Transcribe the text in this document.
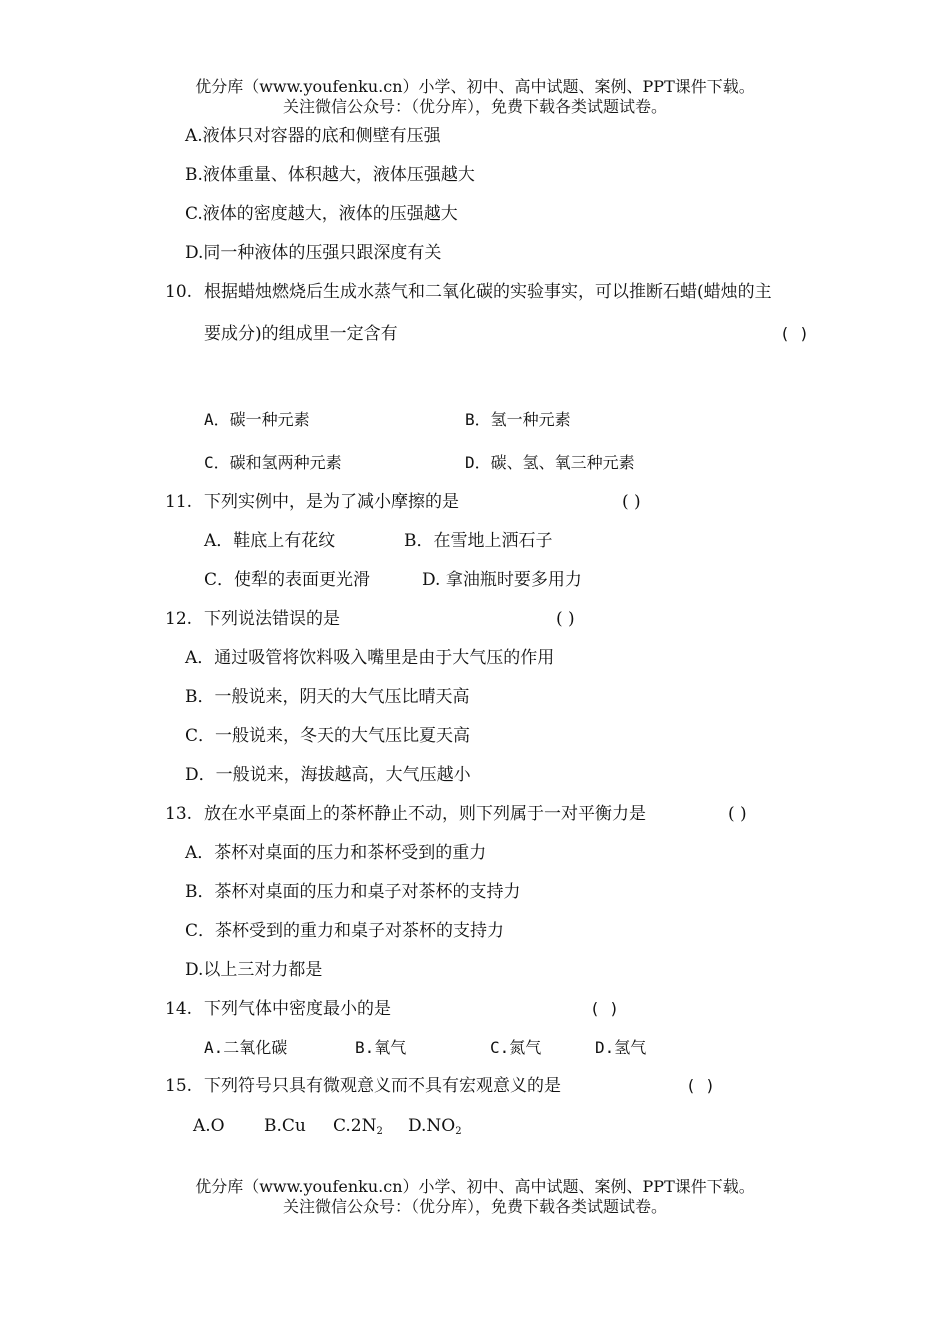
优分库（www.youfenku.cn）小学、初中、高中试题、案例、PPT课件下载。
关注微信公众号：（优分库），免费下载各类试题试卷。
A.液体只对容器的底和侧壁有压强
B.液体重量、体积越大，液体压强越大
C.液体的密度越大，液体的压强越大
D.同一种液体的压强只跟深度有关
10. 根据蜡烛燃烧后生成水蒸气和二氧化碳的实验事实，可以推断石蜡(蜡烛的主
要成分)的组成里一定含有	( )
A．碳一种元素	B．氢一种元素
C．碳和氢两种元素	D．碳、氢、氧三种元素
11. 下列实例中，是为了减小摩擦的是	( )
A．鞋底上有花纹	B．在雪地上洒石子
C．使犁的表面更光滑	D. 拿油瓶时要多用力
12. 下列说法错误的是	( )
A．通过吸管将饮料吸入嘴里是由于大气压的作用
B．一般说来，阴天的大气压比晴天高
C．一般说来，冬天的大气压比夏天高
D．一般说来，海拔越高，大气压越小
13. 放在水平桌面上的茶杯静止不动，则下列属于一对平衡力是	( )
A．茶杯对桌面的压力和茶杯受到的重力
B．茶杯对桌面的压力和桌子对茶杯的支持力
C．茶杯受到的重力和桌子对茶杯的支持力
D.以上三对力都是
14. 下列气体中密度最小的是	( )
A.二氧化碳	B.氧气	C.氮气	D.氢气
15. 下列符号只具有微观意义而不具有宏观意义的是	( )
A.O B.Cu $C.2N_2$ $D.NO_2$
优分库（www.youfenku.cn）小学、初中、高中试题、案例、PPT课件下载。
关注微信公众号：（优分库），免费下载各类试题试卷。
